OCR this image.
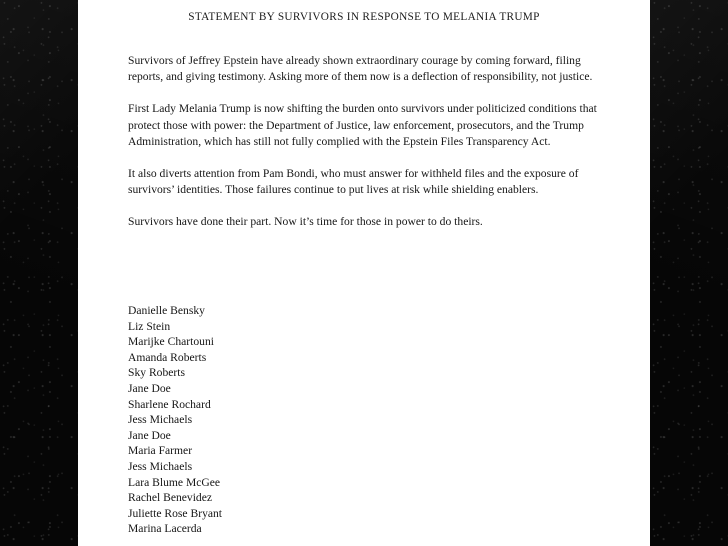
STATEMENT BY SURVIVORS IN RESPONSE TO MELANIA TRUMP

Survivors of Jeffrey Epstein have already shown extraordinary courage by coming forward, filing reports, and giving testimony. Asking more of them now is a deflection of responsibility, not justice.

First Lady Melania Trump is now shifting the burden onto survivors under politicized conditions that protect those with power: the Department of Justice, law enforcement, prosecutors, and the Trump Administration, which has still not fully complied with the Epstein Files Transparency Act.

It also diverts attention from Pam Bondi, who must answer for withheld files and the exposure of survivors’ identities. Those failures continue to put lives at risk while shielding enablers.

Survivors have done their part. Now it’s time for those in power to do theirs.

Danielle Bensky
Liz Stein
Marijke Chartouni
Amanda Roberts
Sky Roberts
Jane Doe
Sharlene Rochard
Jess Michaels
Jane Doe
Maria Farmer
Jess Michaels
Lara Blume McGee
Rachel Benevidez
Juliette Rose Bryant
Marina Lacerda
